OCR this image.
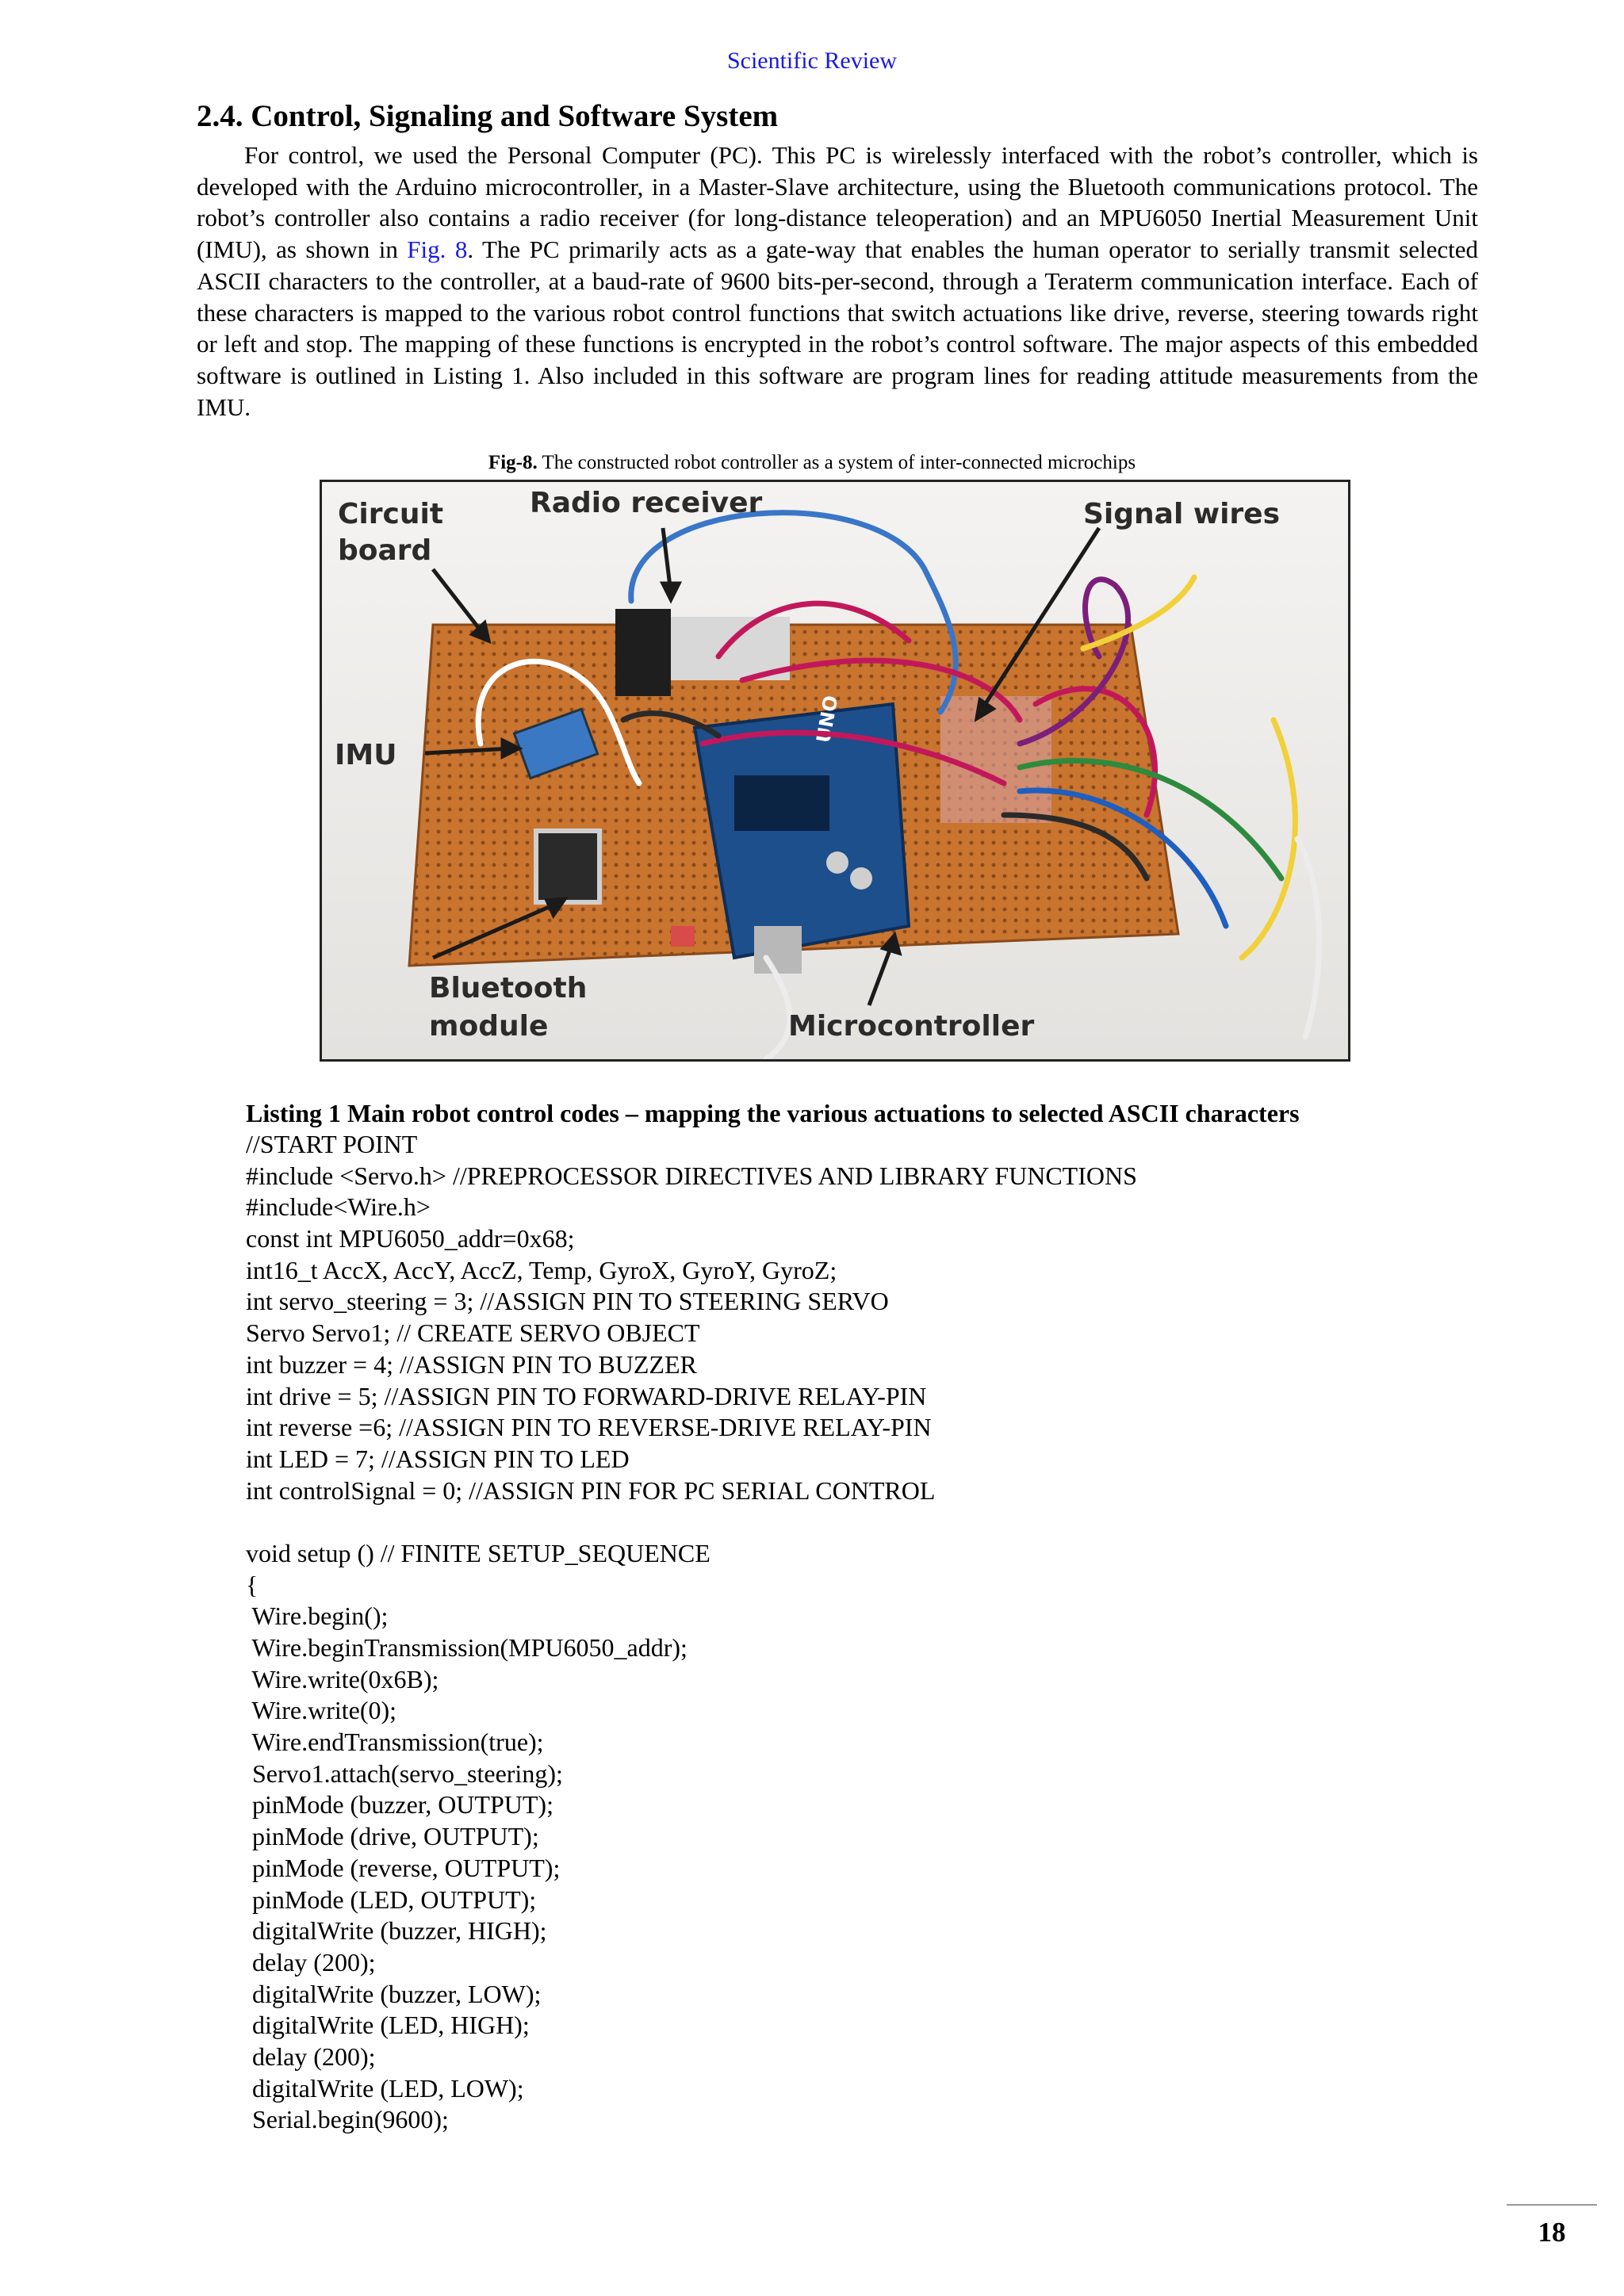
Scientific Review
2.4. Control, Signaling and Software System

For control, we used the Personal Computer (PC). This PC is wirelessly interfaced with the robot’s controller, which is developed with the Arduino microcontroller, in a Master-Slave architecture, using the Bluetooth communications protocol. The robot’s controller also contains a radio receiver (for long-distance teleoperation) and an MPU6050 Inertial Measurement Unit (IMU), as shown in Fig. 8. The PC primarily acts as a gate-way that enables the human operator to serially transmit selected ASCII characters to the controller, at a baud-rate of 9600 bits-per-second, through a Teraterm communication interface. Each of these characters is mapped to the various robot control functions that switch actuations like drive, reverse, steering towards right or left and stop. The mapping of these functions is encrypted in the robot’s control software. The major aspects of this embedded software is outlined in Listing 1. Also included in this software are program lines for reading attitude measurements from the IMU.

Fig-8. The constructed robot controller as a system of inter-connected microchips
UNO
Circuit
board
Radio receiver	Signal wires
IMU
Bluetooth
module	Microcontroller
Listing 1 Main robot control codes – mapping the various actuations to selected ASCII characters
//START POINT
#include <Servo.h> //PREPROCESSOR DIRECTIVES AND LIBRARY FUNCTIONS
#include<Wire.h>
const int MPU6050_addr=0x68;
int16_t AccX, AccY, AccZ, Temp, GyroX, GyroY, GyroZ;
int servo_steering = 3; //ASSIGN PIN TO STEERING SERVO
Servo Servo1; // CREATE SERVO OBJECT
int buzzer = 4; //ASSIGN PIN TO BUZZER
int drive = 5; //ASSIGN PIN TO FORWARD-DRIVE RELAY-PIN
int reverse =6; //ASSIGN PIN TO REVERSE-DRIVE RELAY-PIN
int LED = 7; //ASSIGN PIN TO LED
int controlSignal = 0; //ASSIGN PIN FOR PC SERIAL CONTROL
void setup () // FINITE SETUP_SEQUENCE
{
Wire.begin();
Wire.beginTransmission(MPU6050_addr);
Wire.write(0x6B);
Wire.write(0);
Wire.endTransmission(true);
Servo1.attach(servo_steering);
pinMode (buzzer, OUTPUT);
pinMode (drive, OUTPUT);
pinMode (reverse, OUTPUT);
pinMode (LED, OUTPUT);
digitalWrite (buzzer, HIGH);
delay (200);
digitalWrite (buzzer, LOW);
digitalWrite (LED, HIGH);
delay (200);
digitalWrite (LED, LOW);
Serial.begin(9600);
18
